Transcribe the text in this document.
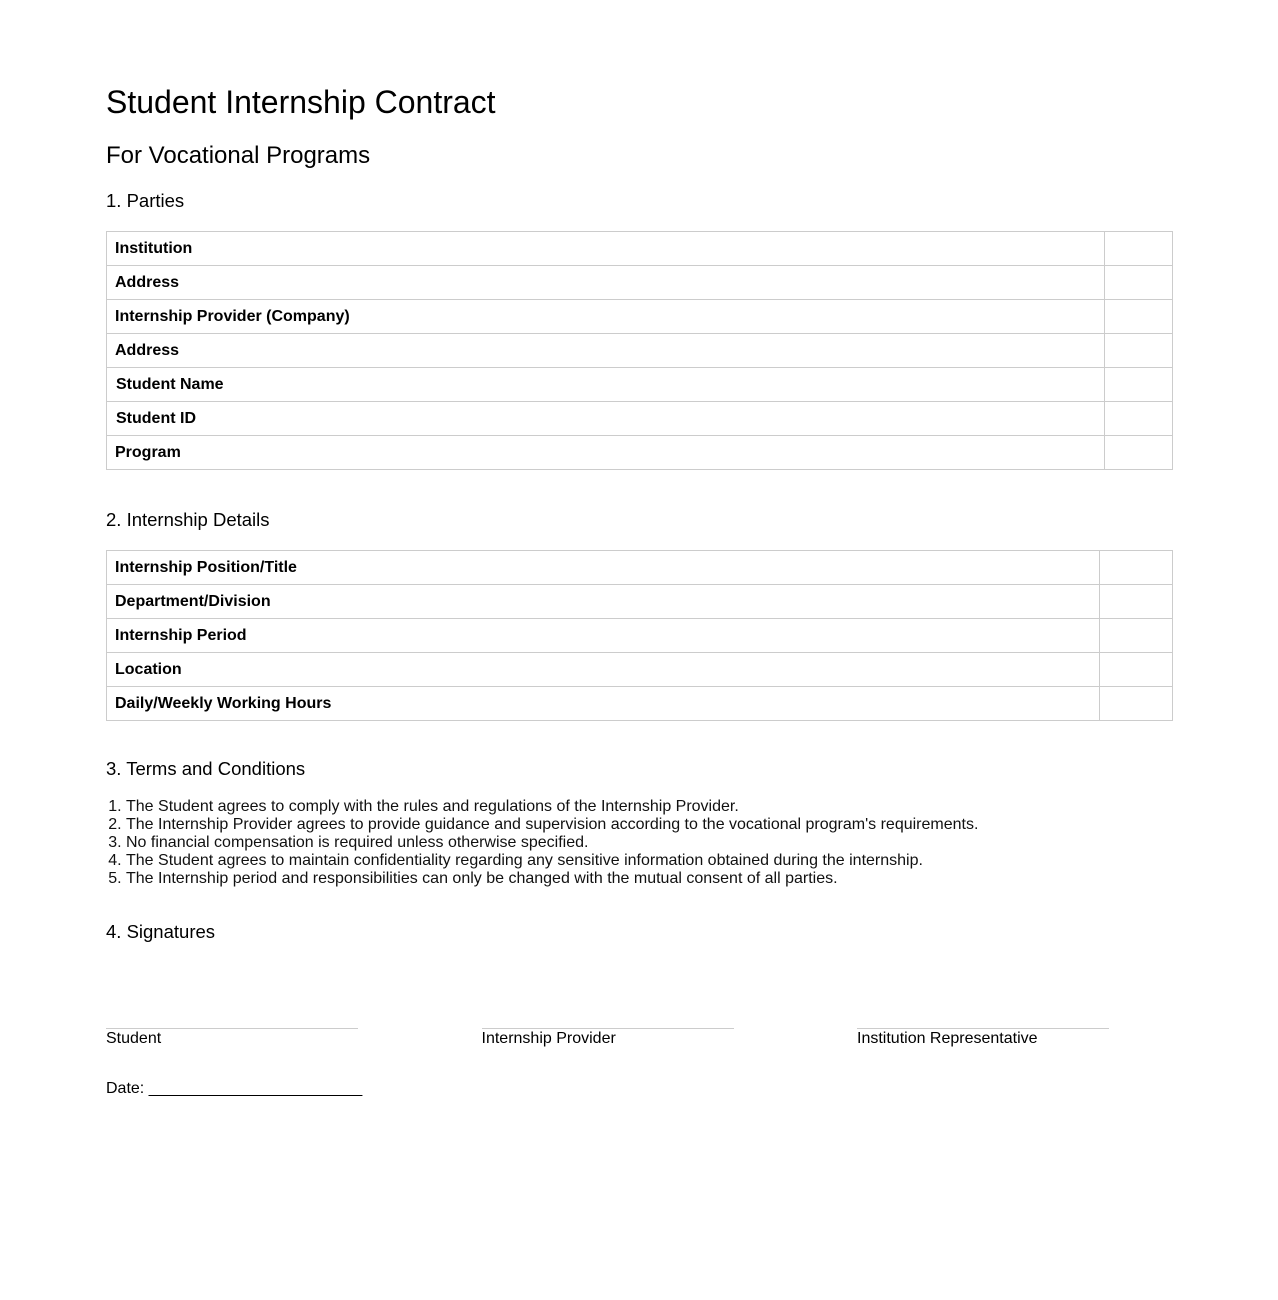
Student Internship Contract
For Vocational Programs
1. Parties
Institution	
Address	
Internship Provider (Company)	
Address	
Student Name	
Student ID	
Program	
2. Internship Details
Internship Position/Title	
Department/Division	
Internship Period	
Location	
Daily/Weekly Working Hours	
3. Terms and Conditions
1. The Student agrees to comply with the rules and regulations of the Internship Provider.
2. The Internship Provider agrees to provide guidance and supervision according to the vocational program's requirements.
3. No financial compensation is required unless otherwise specified.
4. The Student agrees to maintain confidentiality regarding any sensitive information obtained during the internship.
5. The Internship period and responsibilities can only be changed with the mutual consent of all parties.
4. Signatures
Student	Internship Provider	Institution Representative
Date: ________________________
